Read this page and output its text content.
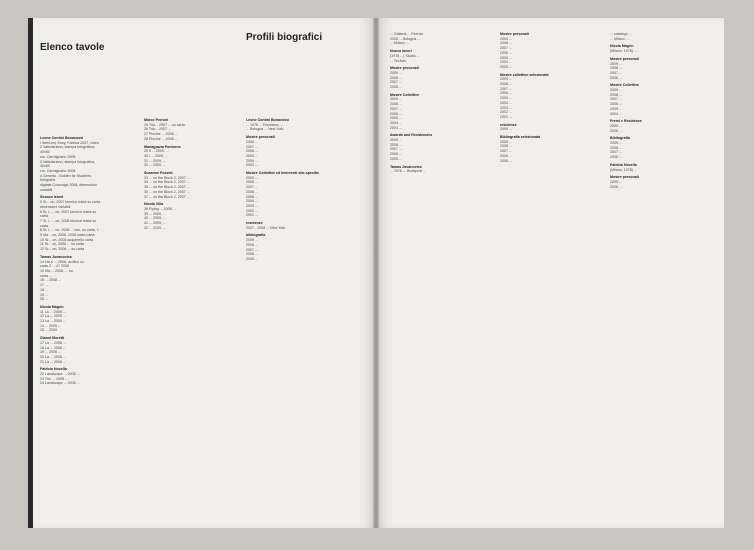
Elenco tavole
Profili biografici
Leone Contini Bonacossi
I Seed my Story, Fabrica 2007, video
2 Valtollariano, stampa fotografica, 40x60
cm, Carmignano 2008
3 Valtollariano, stampa fotografica, 40x60
cm, Carmignano 2008
4 Genetta - Golden for Students, fotografia
digitale Coinvolge 2008, dimensioni variabili
Sezoon Ismet
5 Sr... on, 2007 tecnica mista su carta
dimensioni variabili
6 Sr, I, ... on, 2007 tecnica mista su carta
7 Sr, I, ... on, 2008 tecnica mista su carta
8 Sr, I, ... on, 2008 ... con, su carta, 1
9 Ma... on, 2008, 2008 mista carta
10 Sr... on, 2008 acquerello carta
11 Sr... on, 2008 ... su carta
12 Sr... on, 2008 ... su carta
Tamas Jovanovics
14 Ha & ... 2006, acrilico su
carta 2 ... 47 2008
15 Ma ... 2008, ... su
carta ...
16 ... 2008 ...
17 ...
18 ...
19 ...
20 ...
Nicola Magrin
11 La ... 2009 ...
12 La ... 2009 ...
13 La ... 2009 ...
14 ... 2009 ...
15 ... 2009
Gianni Moretti
17 La ... 2008 ...
18 La ... 2008 ...
19 ... 2008 ...
20 La ... 2008 ...
21 La ... 2008 ...
Patrizio Novella
22 Landscape ... 2008 ...
23 The ... 2008 ...
24 Landscape ... 2008 ...
Marco Perroni
25 Trip... 2007 ... su carta
26 Trip... 2007 ...
27 Piscine ... 2008 ...
28 Piscine ... 2008 ...
Mariagrazia Pontorno
29 Il ... 2009, ...
30 I ... 2009, ...
31 ... 2009, ...
32 ... 2009, ...
Susanne Pozzett
33 ... on the Block 2, 2007 ...
34 ... on the Block 2, 2007 ...
35 ... on the Block 2, 2007 ...
36 ... on the Block 2, 2007 ...
37 ... on the Block 2, 2007 ...
Nicola Villa
38 Flying ... 2009, ...
39 ... 2009, ...
40 ... 2009, ...
41 ... 2009, ...
42 ... 2009, ...
Leone Contini Bonacossi
... 1976 ... Fiumicino. ...
... Bologna ... New York.
Mostre personali
2008 ...
2007 ...
2006 ...
2005 ...
2004 ...
2003 ...
Mostre Collettive ed interventi site-specific
2009 ...
2008 ...
2007 ...
2006 ...
2005 ...
2004 ...
2003 ...
2002 ...
2001 ...
residenze
2007 - 2008 ... New York
bibliografia
2009 ...
2008 ...
2007 ...
2006 ...
2005 ...
... Galleria ... Firenze
2005 ... Bologna ...
... Milano ...
Nuovo lavori
(1978 ...) Studio ...
... Tel Aviv.
Mostre personali
2009 ...
2008 ...
2007 ...
2006 ...
Mostre Collettive
2009 ...
2008 ...
2007 ...
2006 ...
2005 ...
2004 ...
2003 ...
Awards and Residencies
2009 ...
2008 ...
2007 ...
2006 ...
2005 ...
Tamas Jovanovics
... 1976 ... Budapest ...
Mostre personali
2009 ...
2008 ...
2007 ...
2006 ...
2005 ...
2004 ...
2003 ...
Mostre collettive selezionate
2009 ...
2008 ...
2007 ...
2006 ...
2005 ...
2004 ...
2003 ...
2002 ...
2001 ...
residenze
2009 ...
Bibliografia selezionata
2009 ...
2008 ...
2007 ...
2006 ...
2005 ...
... catalogo ...
... Milano ...
Nicola Magrin
(Milano, 1978) ...
Mostre personali
2009 ...
2008 ...
2007 ...
2006 ...
Mostre Collettive
2009 ...
2008 ...
2007 ...
2006 ...
2005 ...
2004 ...
Premi e Residenze
2009 ...
2008 ...
Bibliografia
2009 ...
2008 ...
2007 ...
2006 ...
Patrizio Novella
(Milano, 1978) ...
Mostre personali
2009 ...
2008 ...
